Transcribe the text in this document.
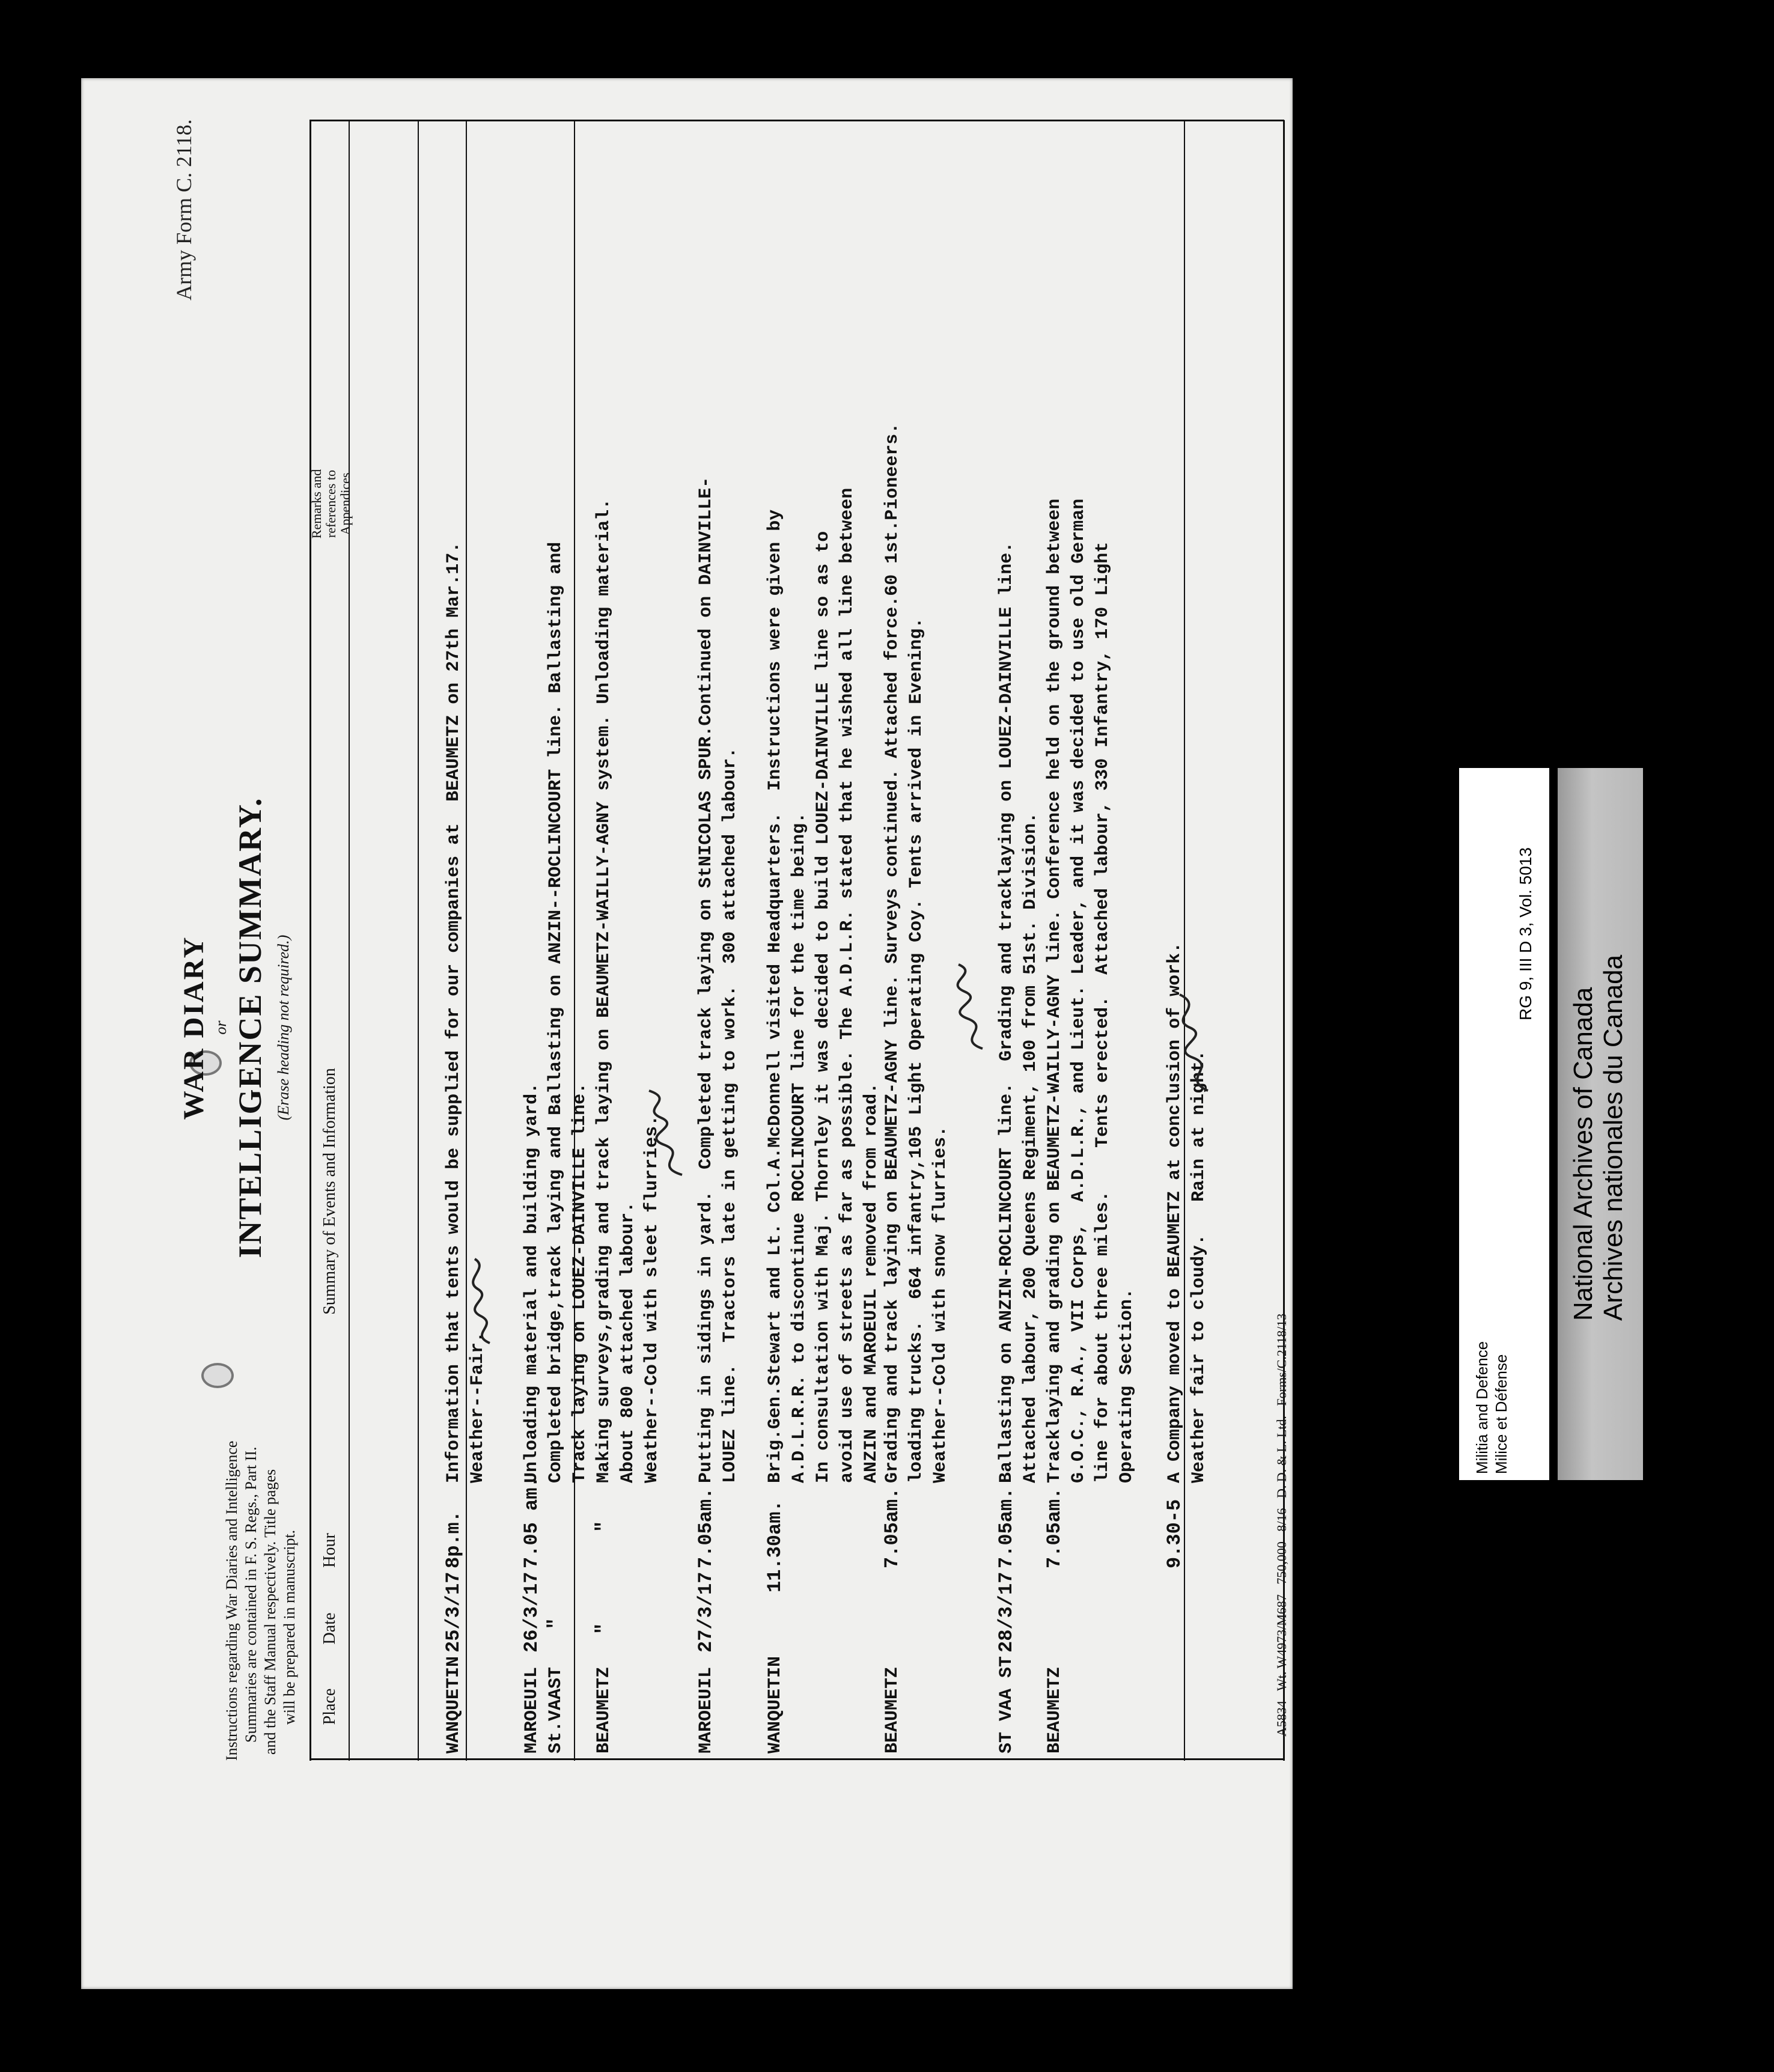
Army Form C. 2118.
WAR DIARY or INTELLIGENCE SUMMARY. (Erase heading not required.)
Instructions regarding War Diaries and Intelligence Summaries are contained in F. S. Regs., Part II. and the Staff Manual respectively. Title pages will be prepared in manuscript. Place
Date
Hour
Summary of Events and Information
Remarks and references to Appendices
WANQUETIN
25/3/17
8p.m.
Information that tents would be supplied for our companies at  BEAUMETZ on 27th Mar.17.
Weather--Fair.
MAROEUIL
St.VAAST
26/3/17
"
7.05 am.
Unloading material and building yard.
Completed bridge,track laying and Ballasting on ANZIN--ROCLINCOURT line. Ballasting and
Track laying on LOUEZ-DAINVILLE line.
BEAUMETZ
"
"
Making surveys,grading and track laying on BEAUMETZ-WAILLY-AGNY system. Unloading material.
About 800 attached labour.
Weather--Cold with sleet flurries.
MAROEUIL
27/3/17
7.05am.
Putting in sidings in yard.  Completed track laying on StNICOLAS SPUR.Continued on DAINVILLE-
LOUEZ line.  Tractors late in getting to work.  300 attached labour.
WANQUETIN
11.30am.
Brig.Gen.Stewart and Lt. Col.A.McDonnell visited Headquarters.  Instructions were given by
A.D.L.R.R. to discontinue ROCLINCOURT line for the time being.
In consultation with Maj. Thornley it was decided to build LOUEZ-DAINVILLE line so as to
avoid use of streets as far as possible. The A.D.L.R. stated that he wished all line between
ANZIN and MAROEUIL removed from road.
BEAUMETZ
7.05am.
Grading and track laying on BEAUMETZ-AGNY line. Surveys continued. Attached force.60 1st.Pioneers.
loading trucks.  664 infantry,105 Light Operating Coy. Tents arrived in Evening.
Weather--Cold with snow flurries.
ST VAA ST
28/3/17
7.05am.
Ballasting on ANZIN-ROCLINCOURT line.  Grading and tracklaying on LOUEZ-DAINVILLE line.
Attached labour, 200 Queens Regiment, 100 from 51st. Division.
BEAUMETZ
7.05am.
Tracklaying and grading on BEAUMETZ-WAILLY-AGNY line. Conference held on the ground between
G.O.C., R.A., VII Corps,  A.D.L.R., and Lieut. Leader, and it was decided to use old German
line for about three miles.    Tents erected.  Attached labour, 330 Infantry, 170 Light
Operating Section.
9.30-5
A Company moved to BEAUMETZ at conclusion of work.
Weather fair to cloudy.   Rain at night.
A5834   Wt. W4973/M687   750,000   8/16   D. D. & L. Ltd.   Forms/C.2118/13	Militia and Defence Milice et Défense
RG 9, III D 3, Vol. 5013
National Archives of Canada Archives nationales du Canada
